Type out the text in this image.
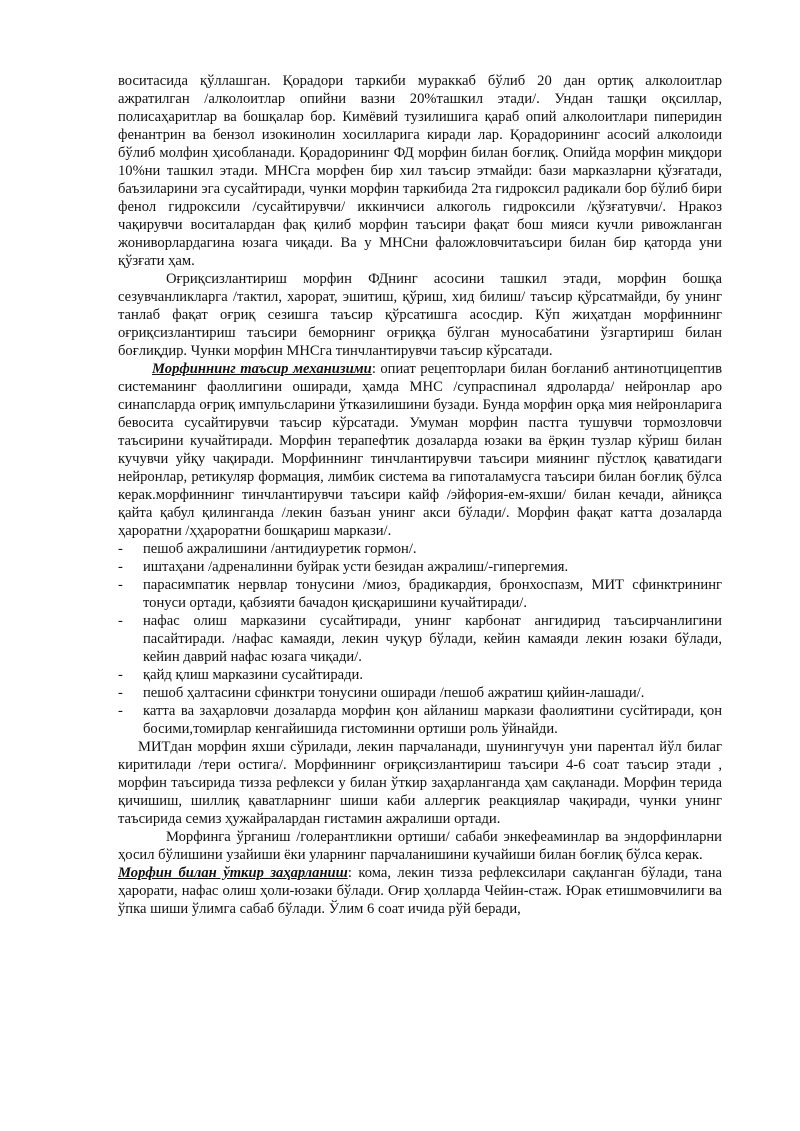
воситасида қўллашган. Қорадори таркиби мураккаб бўлиб 20 дан ортиқ алколоитлар ажратилган /алколоитлар опийни вазни 20%ташкил этади/. Ундан ташқи оқсиллар, полисаҳаритлар ва бошқалар бор. Кимёвий тузилишига қараб опий алколоитлари пиперидин фенантрин ва бензол изокинолин хосилларига киради лар. Қорадорининг асосий алколоиди бўлиб молфин ҳисобланади. Қорадорининг ФД морфин билан боғлиқ. Опийда морфин миқдори 10%ни ташкил этади. МНСга морфен бир хил таъсир этмайди: бази марказларни қўзғатади, баъзиларини эга сусайтиради, чунки морфин таркибида 2та гидроксил радикали бор бўлиб бири фенол гидроксили /сусайтирувчи/ иккинчиси алкоголь гидроксили /қўзғатувчи/. Нракоз чақирувчи воситалардан фақ қилиб морфин таъсири фақат бош мияси кучли ривожланган жониворлардагина юзага чиқади. Ва у МНСни фаложловчитаъсири билан бир қаторда уни қўзғати ҳам.

Оғриқсизлантириш морфин ФДнинг асосини ташкил этади, морфин бошқа сезувчанликларга /тактил, харорат, эшитиш, қўриш, хид билиш/ таъсир қўрсатмайди, бу унинг танлаб фақат оғриқ сезишга таъсир қўрсатишга асосдир. Кўп жиҳатдан морфиннинг оғриқсизлантириш таъсири беморнинг оғриққа бўлган муносабатини ўзгартириш билан боғлиқдир. Чунки морфин МНСга тинчлантирувчи таъсир кўрсатади.

Морфиннинг таъсир механизими: опиат рецепторлари билан боғланиб антинотцицептив системанинг фаоллигини оширади, ҳамда МНС /супраспинал ядроларда/ нейронлар аро синапсларда оғриқ импульсларини ўтказилишини бузади. Бунда морфин орқа мия нейронларига бевосита сусайтирувчи таъсир кўрсатади. Умуман морфин пастга тушувчи тормозловчи таъсирини кучайтиради. Морфин терапефтик дозаларда юзаки ва ёрқин тузлар кўриш билан кучувчи уйқу чақиради. Морфиннинг тинчлантирувчи таъсири миянинг пўстлоқ қаватидаги нейронлар, ретикуляр формация, лимбик система ва гипоталамусга таъсири билан боғлиқ бўлса керак.морфиннинг тинчлантирувчи таъсири кайф /эйфория-ем-яхши/ билан кечади, айниқса қайта қабул қилинганда /лекин базъан унинг акси бўлади/. Морфин фақат катта дозаларда ҳароратни /ҳҳароратни бошқариш маркази/.

- пешоб ажралишини /антидиуретик гормон/.
- иштаҳани /адреналинни буйрак усти безидан ажралиш/-гипергемия.
- парасимпатик нервлар тонусини /миоз, брадикардия, бронхоспазм, МИТ сфинктрининг тонуси ортади, қабзияти бачадон қисқаришини кучайтиради/.
- нафас олиш марказини сусайтиради, унинг карбонат ангидирид таъсирчанлигини пасайтиради. /нафас камаяди, лекин чуқур бўлади, кейин камаяди лекин юзаки бўлади, кейин даврий нафас юзага чиқади/.
- қайд қлиш марказини сусайтиради.
- пешоб ҳалтасини сфинктри тонусини оширади /пешоб ажратиш қийин-лашади/.
- катта ва заҳарловчи дозаларда морфин қон айланиш маркази фаолиятини сусйтиради, қон босими,томирлар кенгайишида гистоминни ортиши роль ўйнайди.

МИТдан морфин яхши сўрилади, лекин парчаланади, шунингучун уни парентал йўл билаг киритилади /тери остига/. Морфиннинг оғриқсизлантириш таъсири 4-6 соат таъсир этади , морфин таъсирида тизза рефлекси у билан ўткир заҳарланганда ҳам сақланади. Морфин терида қичишиш, шиллиқ қаватларнинг шиши каби аллергик реакциялар чақиради, чунки унинг таъсирида семиз ҳужайралардан гистамин ажралиши ортади.

Морфинга ўрганиш /голерантликни ортиши/ сабаби энкефеаминлар ва эндорфинларни ҳосил бўлишини узайиши ёки уларнинг парчаланишини кучайиши билан боғлиқ бўлса керак.

Морфин билан ўткир заҳарланиш: кома, лекин тизза рефлексилари сақланган бўлади, тана ҳарорати, нафас олиш ҳоли-юзаки бўлади. Оғир ҳолларда Чейин-стаж. Юрак етишмовчилиги ва ўпка шиши ўлимга сабаб бўлади. Ўлим 6 соат ичида рўй беради,
